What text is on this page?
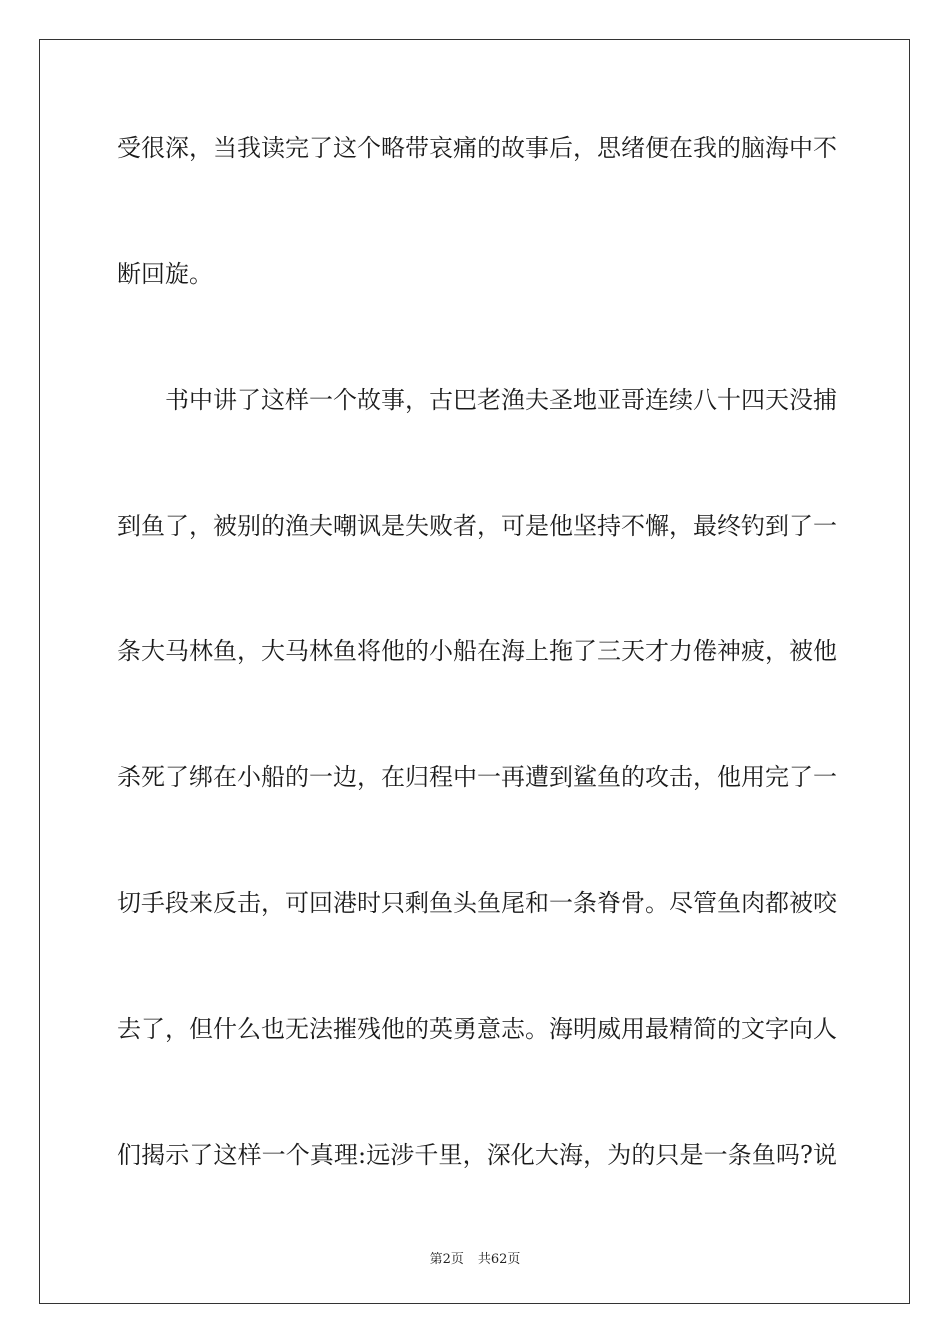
受很深，当我读完了这个略带哀痛的故事后，思绪便在我的脑海中不
断回旋。
书中讲了这样一个故事，古巴老渔夫圣地亚哥连续八十四天没捕
到鱼了，被别的渔夫嘲讽是失败者，可是他坚持不懈，最终钓到了一
条大马林鱼，大马林鱼将他的小船在海上拖了三天才力倦神疲，被他
杀死了绑在小船的一边，在归程中一再遭到鲨鱼的攻击，他用完了一
切手段来反击，可回港时只剩鱼头鱼尾和一条脊骨。尽管鱼肉都被咬
去了，但什么也无法摧残他的英勇意志。海明威用最精简的文字向人
们揭示了这样一个真理:远涉千里，深化大海，为的只是一条鱼吗?说
第2页 共62页
